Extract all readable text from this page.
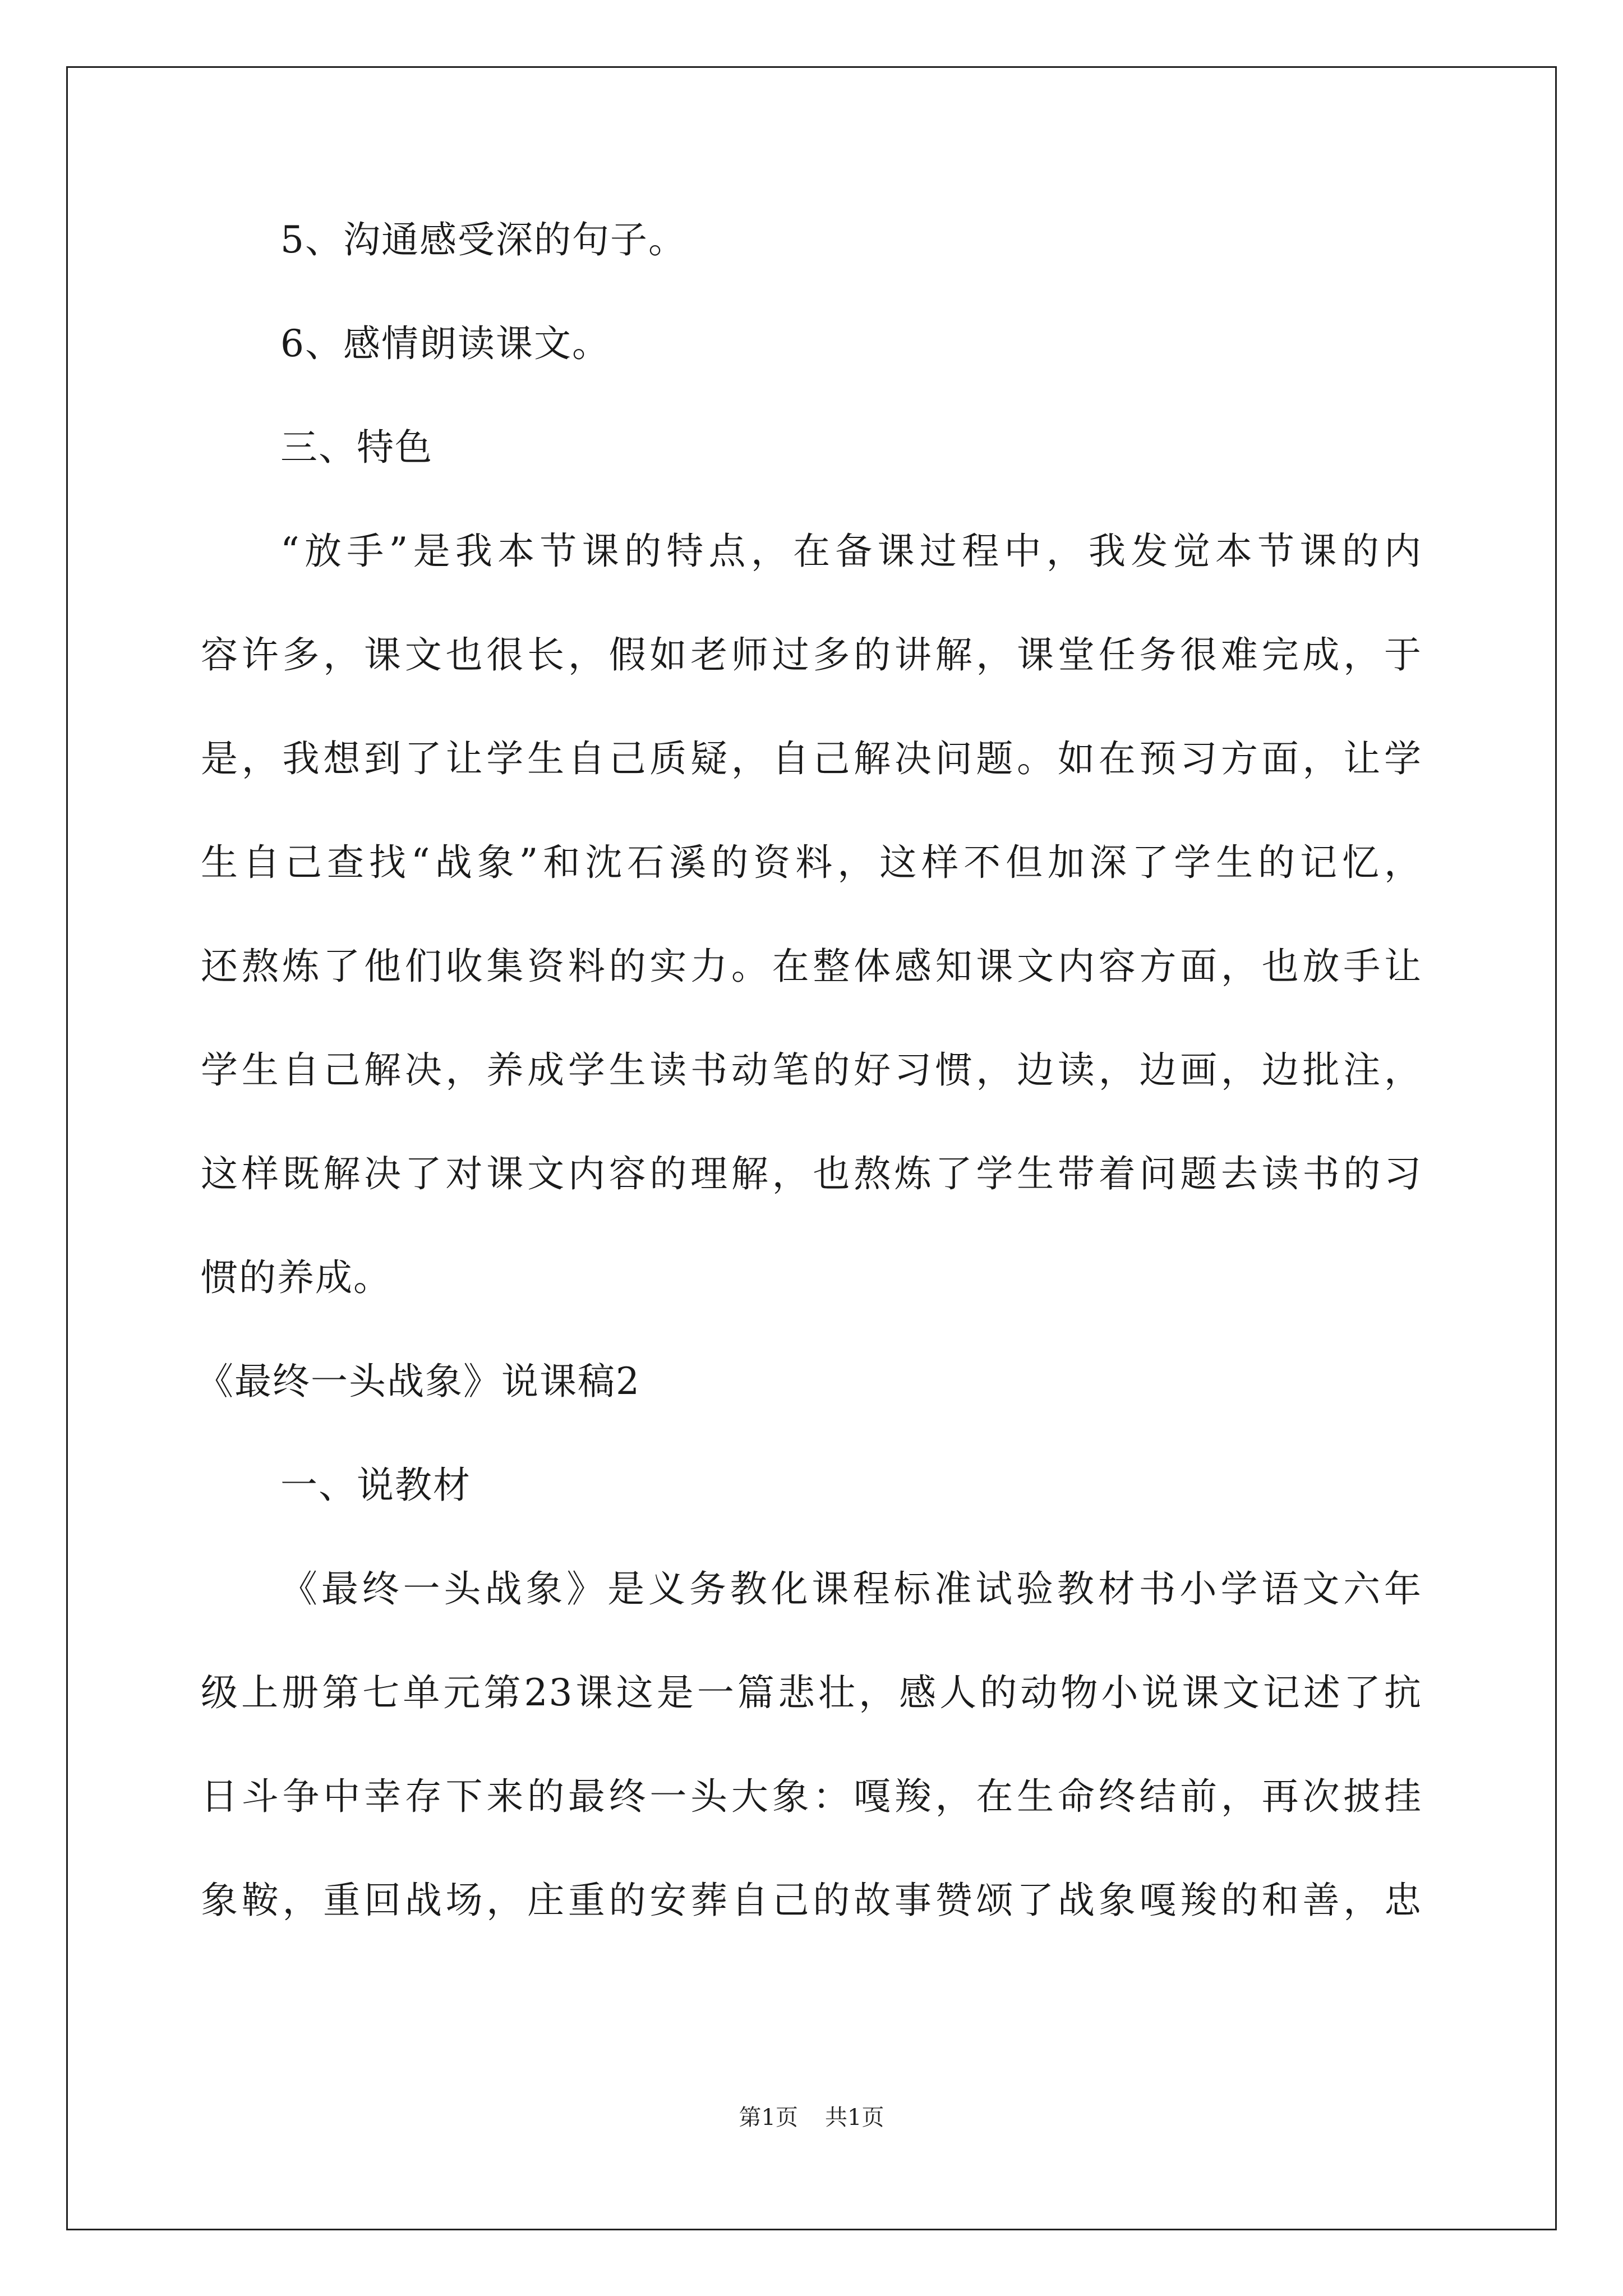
5、沟通感受深的句子。
6、感情朗读课文。
三、特色
“放手”是我本节课的特点，在备课过程中，我发觉本节课的内
容许多，课文也很长，假如老师过多的讲解，课堂任务很难完成，于
是，我想到了让学生自己质疑，自己解决问题。如在预习方面，让学
生自己查找“战象”和沈石溪的资料，这样不但加深了学生的记忆，
还熬炼了他们收集资料的实力。在整体感知课文内容方面，也放手让
学生自己解决，养成学生读书动笔的好习惯，边读，边画，边批注，
这样既解决了对课文内容的理解，也熬炼了学生带着问题去读书的习
惯的养成。
《最终一头战象》说课稿2
一、说教材
《最终一头战象》是义务教化课程标准试验教材书小学语文六年
级上册第七单元第23课这是一篇悲壮，感人的动物小说课文记述了抗
日斗争中幸存下来的最终一头大象：嘎羧，在生命终结前，再次披挂
象鞍，重回战场，庄重的安葬自己的故事赞颂了战象嘎羧的和善，忠
第1页 共1页
